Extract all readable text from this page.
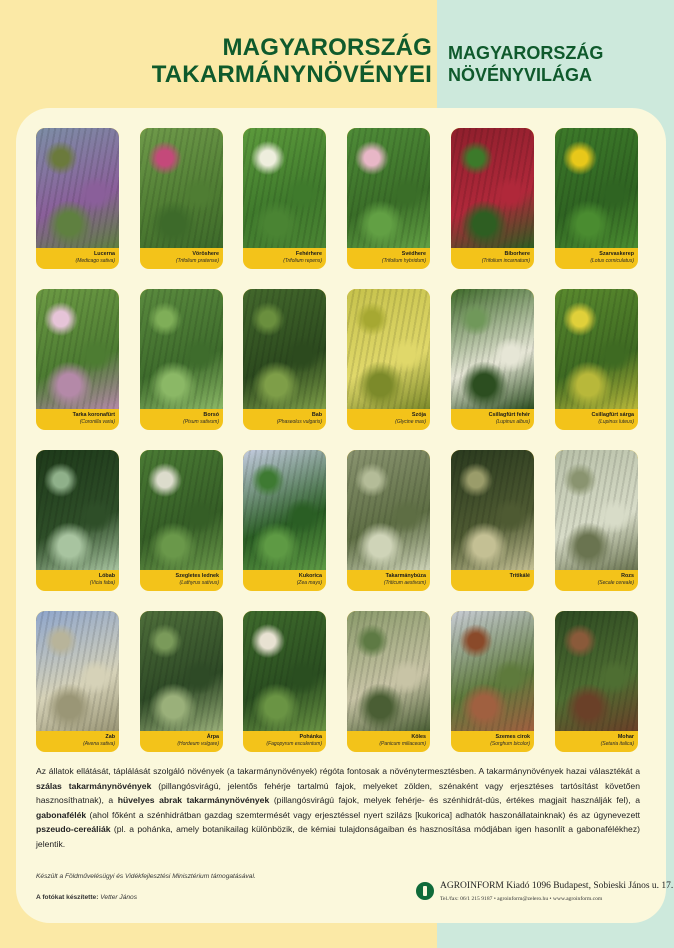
MAGYARORSZÁG
TAKARMÁNYNÖVÉNYEI
MAGYARORSZÁG
NÖVÉNYVILÁGA
Lucerna
(Medicago sativa)
Vöröshere
(Trifolium pratense)
Fehérhere
(Trifolium repens)
Svédhere
(Trifolium hybridum)
Bíborhere
(Trifolium incarnatum)
Szarvaskerep
(Lotus corniculatus)
Tarka koronafürt
(Coronilla varia)
Borsó
(Pisum sativum)
Bab
(Phaseolus vulgaris)
Szója
(Glycine max)
Csillagfürt fehér
(Lupinus albus)
Csillagfürt sárga
(Lupinus luteus)
Lóbab
(Vicia faba)
Szegletes lednek
(Lathyrus sativus)
Kukorica
(Zea mays)
Takarmánybúza
(Triticum aestivum)
Tritikálé	Rozs
(Secale cereale)
Zab
(Avena sativa)
Árpa
(Hordeum vulgare)
Pohánka
(Fagopyrum esculentum)
Köles
(Panicum miliaceum)
Szemes cirok
(Sorghum bicolor)
Mohar
(Setaria italica)
Az állatok ellátását, táplálását szolgáló növények (a takarmánynövények) régóta fontosak a növénytermesztésben. A takarmánynövények hazai választékát a szálas takarmánynövények (pillangósvirágú, jelentős fehérje tartalmú fajok, melyeket zölden, szénaként vagy erjesztéses tartósítást követően hasznosíthatnak), a hüvelyes abrak takarmánynövények (pillangósvirágú fajok, melyek fehérje- és szénhidrát-dús, értékes magjait használják fel), a gabonafélék (ahol főként a szénhidrátban gazdag szemtermését vagy erjesztéssel nyert szilázs [kukorica] adhatók haszonállatainknak) és az úgynevezett pszeudo-cereáliák (pl. a pohánka, amely botanikailag különbözik, de kémiai tulajdonságaiban és hasznosítása módjában igen hasonlít a gabonafélékhez) jelentik.
Készült a Földművelésügyi és Vidékfejlesztési Minisztérium támogatásával.
A fotókat készítette: Vetter János
AGROINFORM Kiadó 1096 Budapest, Sobieski János u. 17.
Tel./fax: 06/1 215 9187 • agroinform@zelero.hu • www.agroinform.com
